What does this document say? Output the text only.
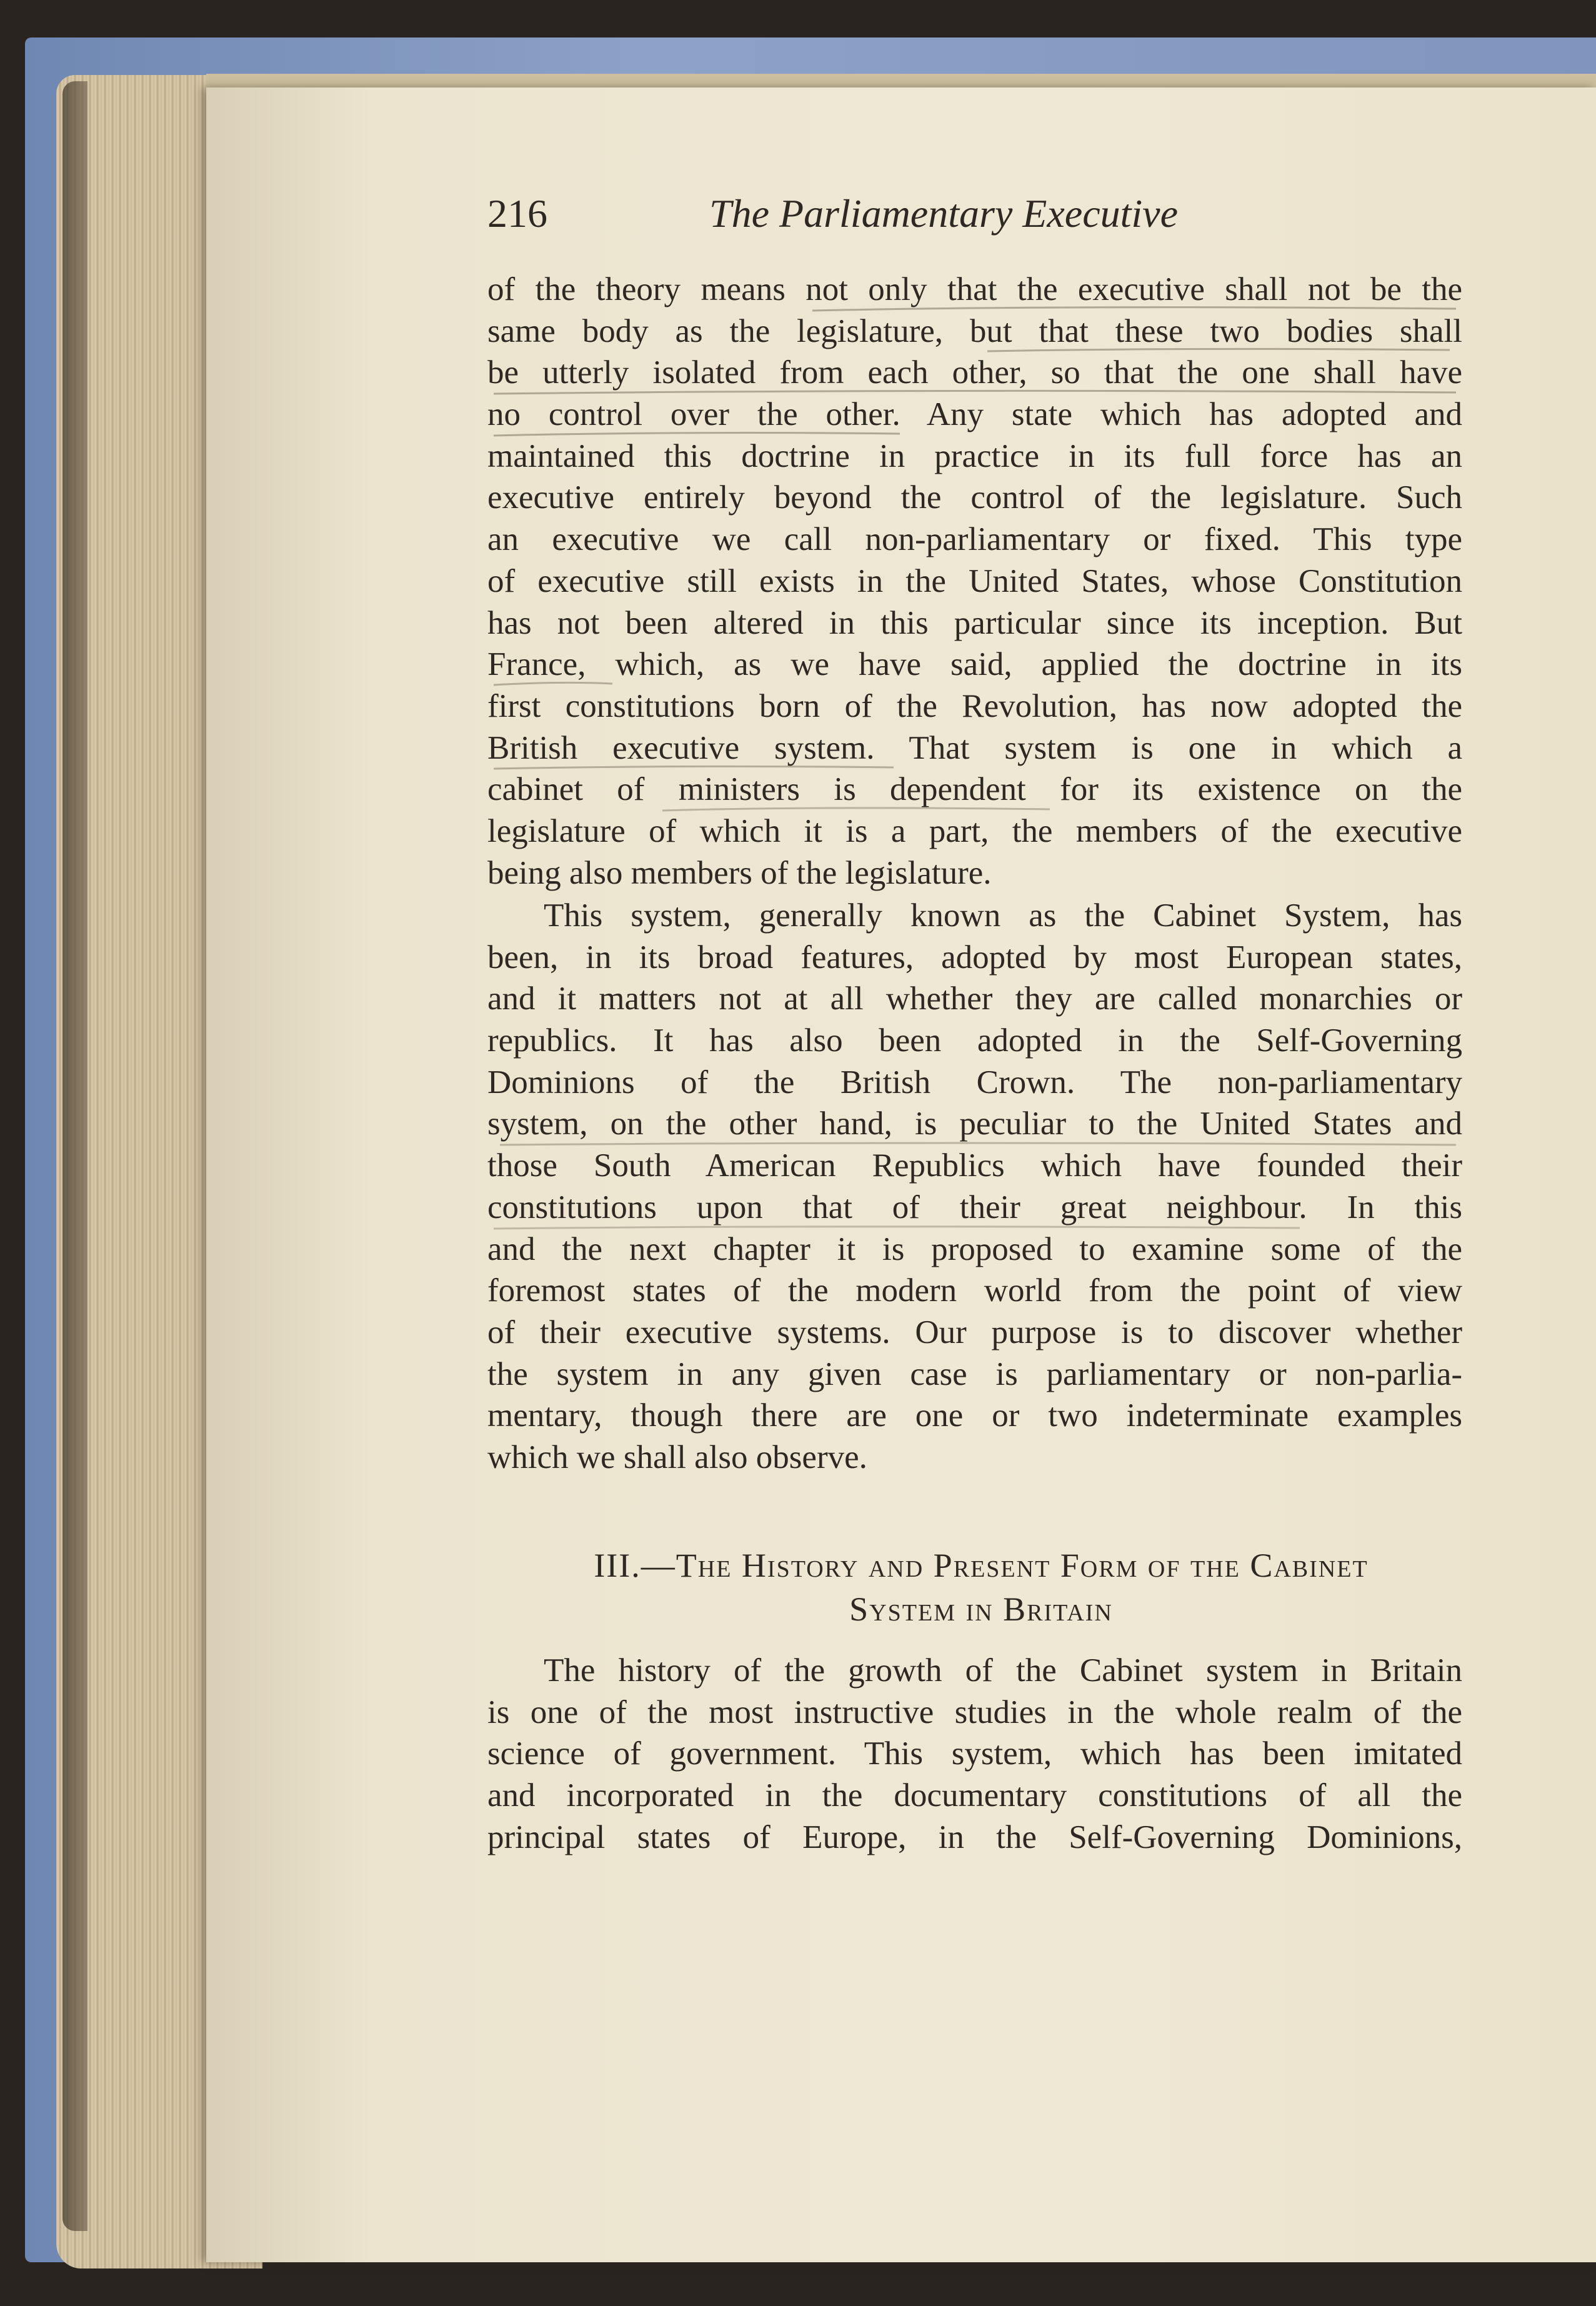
216	The Parliamentary Executive
of the theory means not only that the executive shall not be the
same body as the legislature, but that these two bodies shall
be utterly isolated from each other, so that the one shall have
no control over the other. Any state which has adopted and
maintained this doctrine in practice in its full force has an
executive entirely beyond the control of the legislature. Such
an executive we call non-parliamentary or fixed. This type
of executive still exists in the United States, whose Constitution
has not been altered in this particular since its inception. But
France, which, as we have said, applied the doctrine in its
first constitutions born of the Revolution, has now adopted the
British executive system. That system is one in which a
cabinet of ministers is dependent for its existence on the
legislature of which it is a part, the members of the executive
being also members of the legislature.
This system, generally known as the Cabinet System, has
been, in its broad features, adopted by most European states,
and it matters not at all whether they are called monarchies or
republics. It has also been adopted in the Self-Governing
Dominions of the British Crown. The non-parliamentary
system, on the other hand, is peculiar to the United States and
those South American Republics which have founded their
constitutions upon that of their great neighbour. In this
and the next chapter it is proposed to examine some of the
foremost states of the modern world from the point of view
of their executive systems. Our purpose is to discover whether
the system in any given case is parliamentary or non-parlia-
mentary, though there are one or two indeterminate examples
which we shall also observe.
III.—The History and Present Form of the Cabinet
System in Britain
The history of the growth of the Cabinet system in Britain
is one of the most instructive studies in the whole realm of the
science of government. This system, which has been imitated
and incorporated in the documentary constitutions of all the
principal states of Europe, in the Self-Governing Dominions,
